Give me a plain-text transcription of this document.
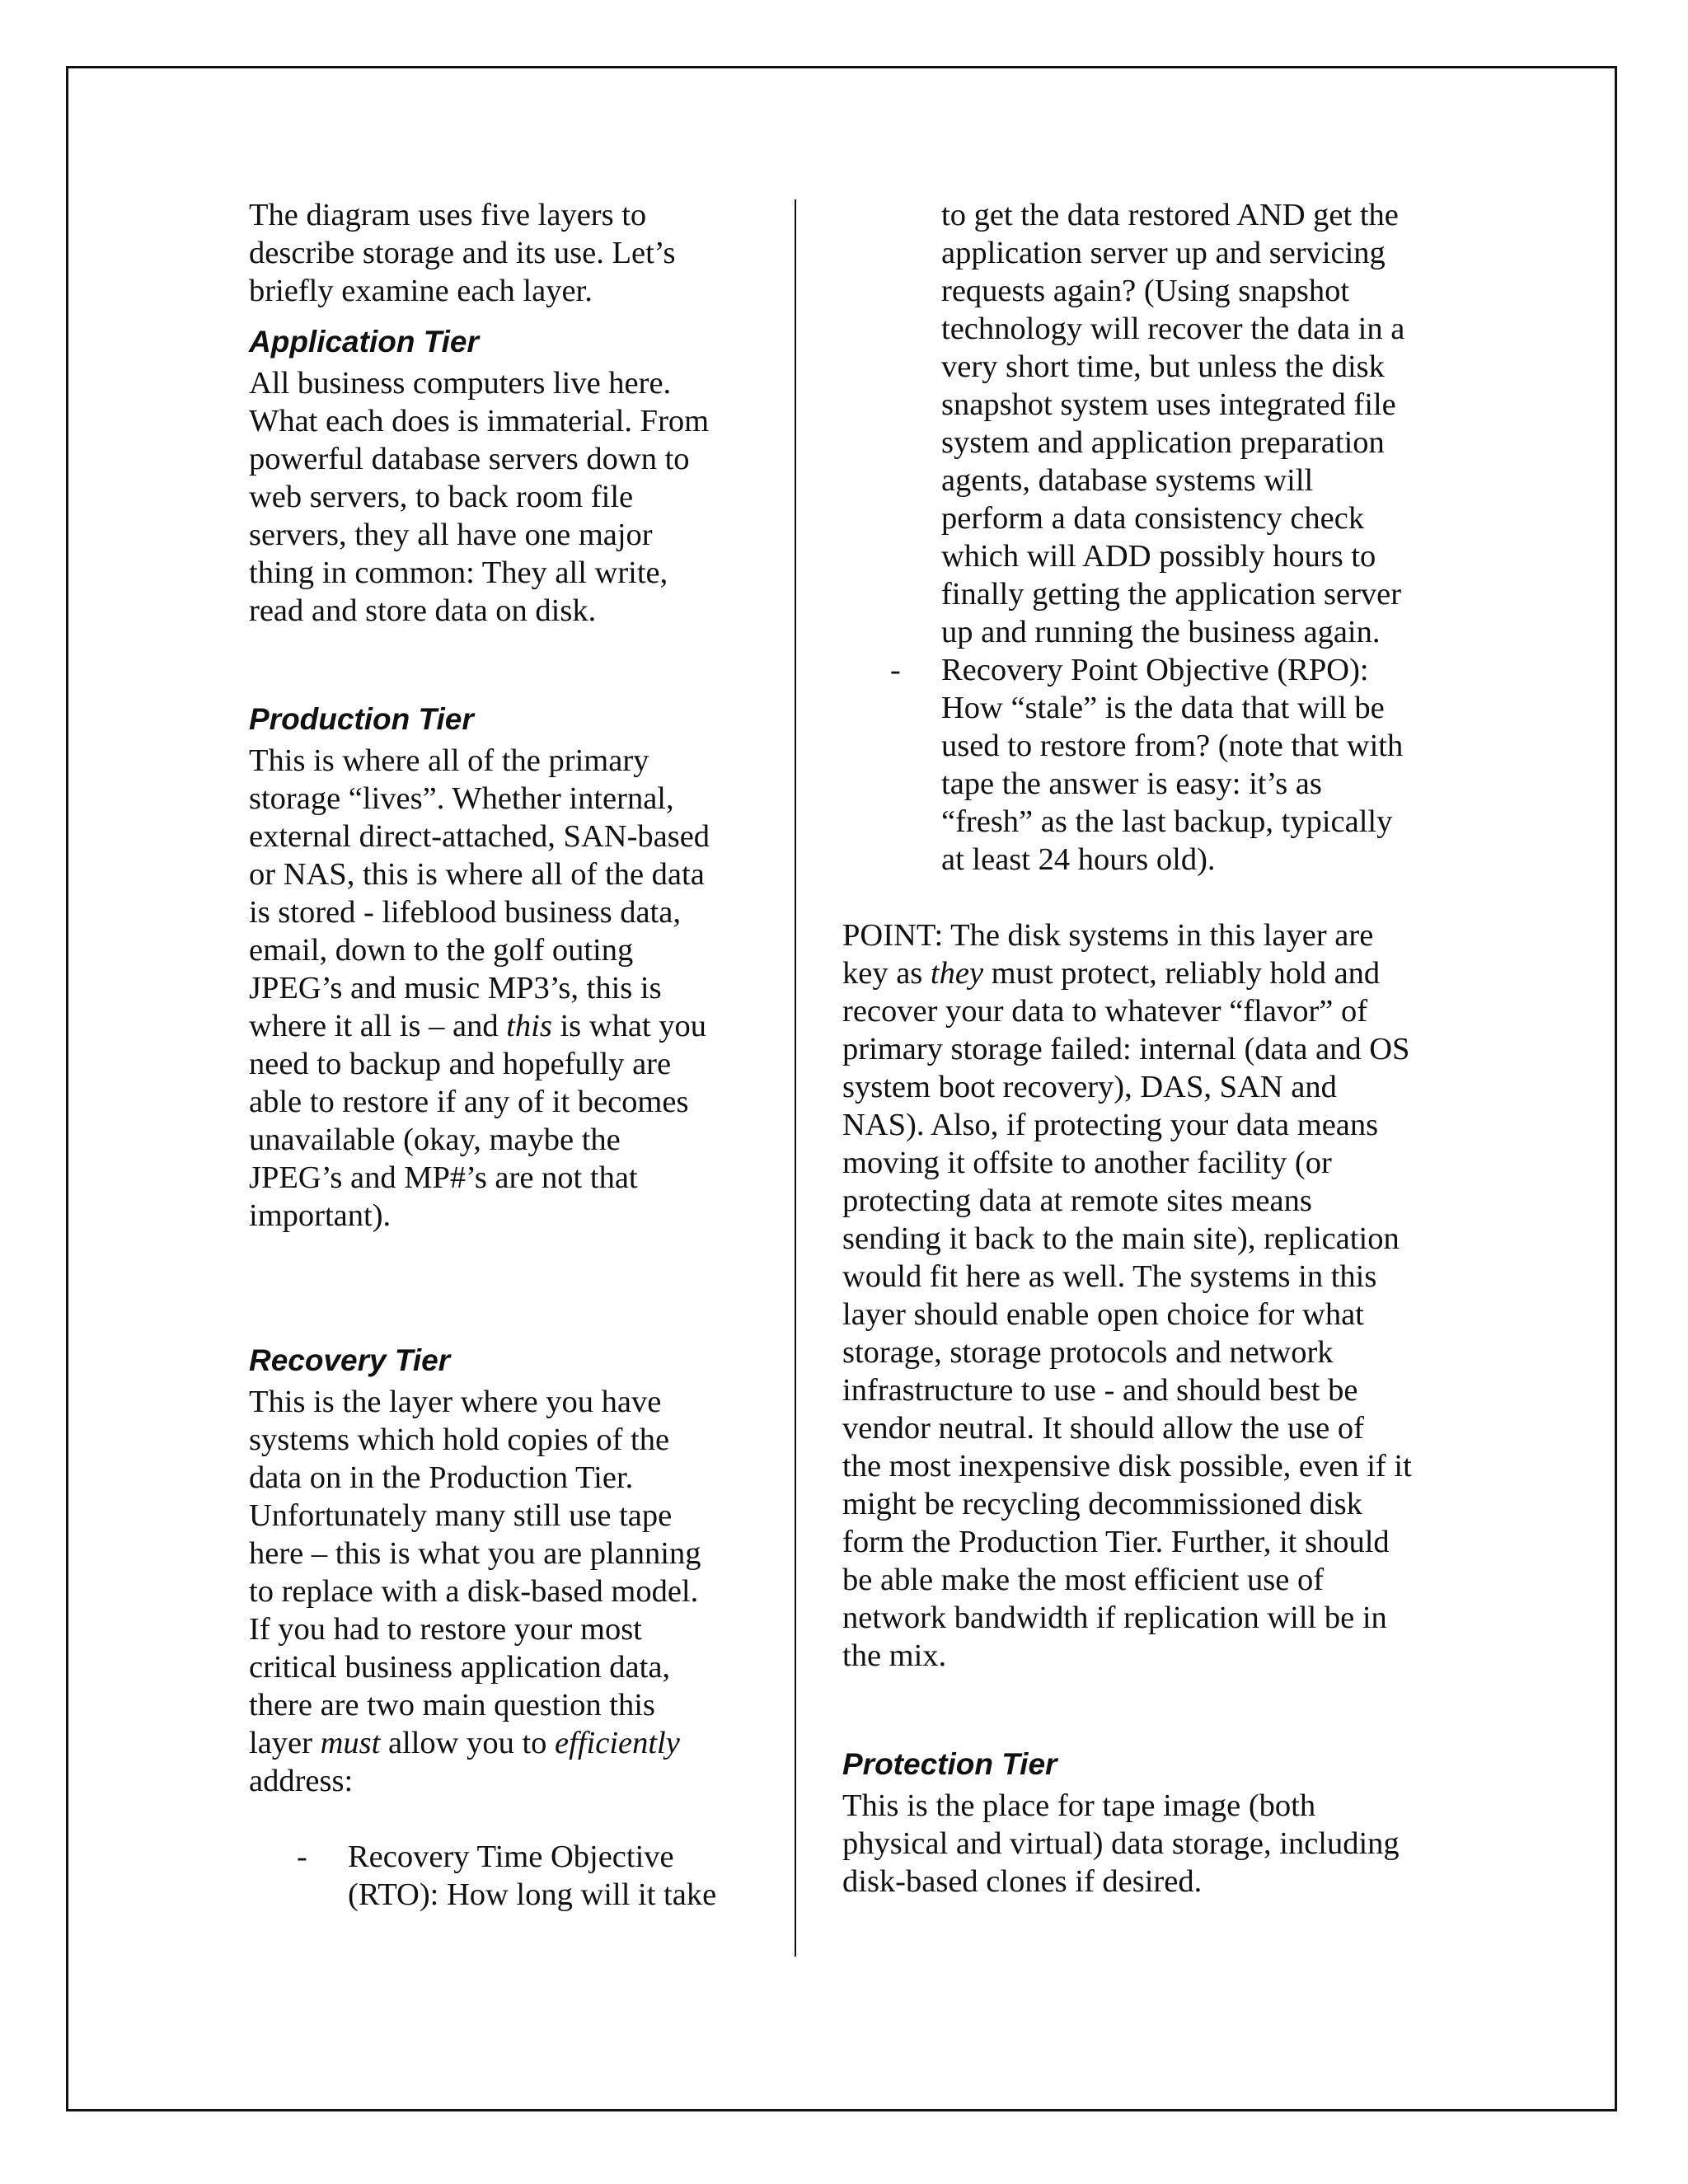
The diagram uses five layers to
describe storage and its use. Let’s
briefly examine each layer.

Application Tier

All business computers live here.
What each does is immaterial. From
powerful database servers down to
web servers, to back room file
servers, they all have one major
thing in common: They all write,
read and store data on disk.

Production Tier

This is where all of the primary
storage “lives”. Whether internal,
external direct-attached, SAN-based
or NAS, this is where all of the data
is stored - lifeblood business data,
email, down to the golf outing
JPEG’s and music MP3’s, this is
where it all is – and this is what you
need to backup and hopefully are
able to restore if any of it becomes
unavailable (okay, maybe the
JPEG’s and MP#’s are not that
important).

Recovery Tier

This is the layer where you have
systems which hold copies of the
data on in the Production Tier.
Unfortunately many still use tape
here – this is what you are planning
to replace with a disk-based model.
If you had to restore your most
critical business application data,
there are two main question this
layer must allow you to efficiently
address:

- Recovery Time Objective
(RTO): How long will it take
to get the data restored AND get the
application server up and servicing
requests again? (Using snapshot
technology will recover the data in a
very short time, but unless the disk
snapshot system uses integrated file
system and application preparation
agents, database systems will
perform a data consistency check
which will ADD possibly hours to
finally getting the application server
up and running the business again.
- Recovery Point Objective (RPO):
How “stale” is the data that will be
used to restore from? (note that with
tape the answer is easy: it’s as
“fresh” as the last backup, typically
at least 24 hours old).

POINT: The disk systems in this layer are
key as they must protect, reliably hold and
recover your data to whatever “flavor” of
primary storage failed: internal (data and OS
system boot recovery), DAS, SAN and
NAS). Also, if protecting your data means
moving it offsite to another facility (or
protecting data at remote sites means
sending it back to the main site), replication
would fit here as well. The systems in this
layer should enable open choice for what
storage, storage protocols and network
infrastructure to use - and should best be
vendor neutral. It should allow the use of
the most inexpensive disk possible, even if it
might be recycling decommissioned disk
form the Production Tier. Further, it should
be able make the most efficient use of
network bandwidth if replication will be in
the mix.

Protection Tier

This is the place for tape image (both
physical and virtual) data storage, including
disk-based clones if desired.
